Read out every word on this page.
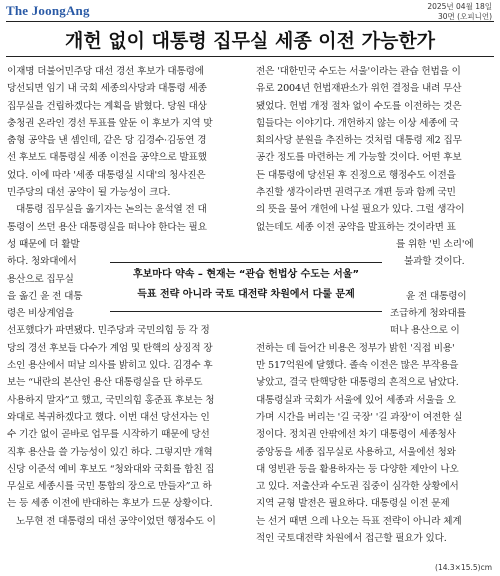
The JoongAng	2025년 04월 18일
30면 (오피니언)
개헌 없이 대통령 집무실 세종 이전 가능한가
이재명 더불어민주당 대선 경선 후보가 대통령에
당선되면 임기 내 국회 세종의사당과 대통령 세종
집무실을 건립하겠다는 계획을 밝혔다. 당원 대상
충청권 온라인 경선 투표를 앞둔 이 후보가 지역 맞
춤형 공약을 낸 셈인데, 같은 당 김경수·김동연 경
선 후보도 대통령실 세종 이전을 공약으로 발표했
었다. 이에 따라 '세종 대통령실 시대'의 청사진은
민주당의 대선 공약이 될 가능성이 크다.
대통령 집무실을 옮기자는 논의는 윤석열 전 대
통령이 쓰던 용산 대통령실을 떠나야 한다는 필요
성 때문에 더 활발
하다. 청와대에서
용산으로 집무실
을 옮긴 윤 전 대통
령은 비상계엄을
선포했다가 파면됐다. 민주당과 국민의힘 등 각 정
당의 경선 후보들 다수가 계엄 및 탄핵의 상징적 장
소인 용산에서 떠날 의사를 밝히고 있다. 김경수 후
보는 “내란의 본산인 용산 대통령실을 단 하루도
사용하지 말자”고 했고, 국민의힘 홍준표 후보는 청
와대로 복귀하겠다고 했다. 이번 대선 당선자는 인
수 기간 없이 곧바로 업무를 시작하기 때문에 당선
직후 용산을 쓸 가능성이 있긴 하다. 그렇지만 개혁
신당 이준석 예비 후보도 “청와대와 국회를 합친 집
무실로 세종시를 국민 통합의 장으로 만들자”고 하
는 등 세종 이전에 반대하는 후보가 드문 상황이다.
노무현 전 대통령의 대선 공약이었던 행정수도 이
전은 '대한민국 수도는 서울'이라는 관습 헌법을 이
유로 2004년 헌법재판소가 위헌 결정을 내려 무산
됐었다. 헌법 개정 절차 없이 수도를 이전하는 것은
힘들다는 이야기다. 개헌하지 않는 이상 세종에 국
회의사당 분원을 추진하는 것처럼 대통령 제2 집무
공간 정도를 마련하는 게 가능할 것이다. 어떤 후보
든 대통령에 당선된 후 진정으로 행정수도 이전을
추진할 생각이라면 권력구조 개편 등과 함께 국민
의 뜻을 물어 개헌에 나설 필요가 있다. 그럴 생각이
없는데도 세종 이전 공약을 발표하는 것이라면 표
를 위한 '빈 소리'에
불과할 것이다.
윤 전 대통령이
조급하게 청와대를
떠나 용산으로 이
전하는 데 들어간 비용은 정부가 밝힌 '직접 비용'
만 517억원에 달했다. 졸속 이전은 많은 부작용을
낳았고, 결국 탄핵당한 대통령의 흔적으로 남았다.
대통령실과 국회가 서울에 있어 세종과 서울을 오
가며 시간을 버리는 '길 국장' '길 과장'이 여전한 실
정이다. 정치권 안팎에선 차기 대통령이 세종청사
중앙동을 세종 집무실로 사용하고, 서울에선 청와
대 영빈관 등을 활용하자는 등 다양한 제안이 나오
고 있다. 저출산과 수도권 집중이 심각한 상황에서
지역 균형 발전은 필요하다. 대통령실 이전 문제
는 선거 때면 으레 나오는 득표 전략이 아니라 체계
적인 국토대전략 차원에서 접근할 필요가 있다.
후보마다 약속 – 현재는 “관습 헌법상 수도는 서울”
득표 전략 아니라 국토 대전략 차원에서 다룰 문제
(14.3×15.5)cm
